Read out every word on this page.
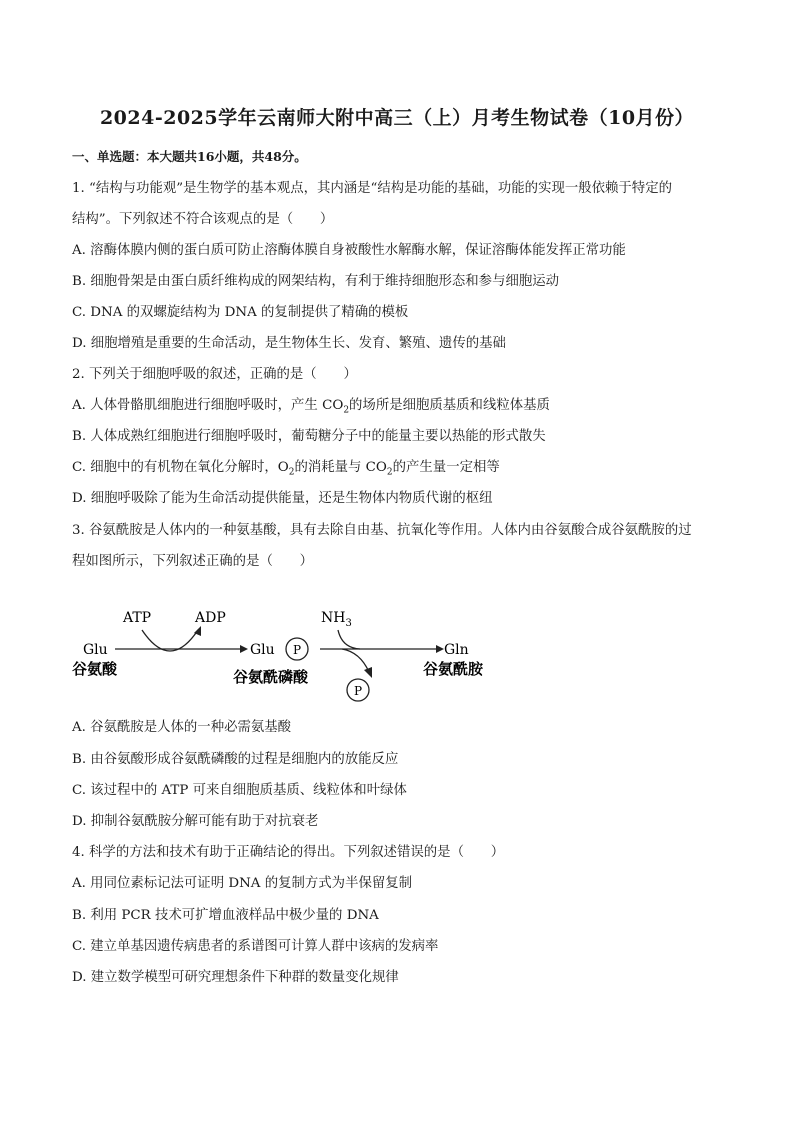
2024-2025学年云南师大附中高三（上）月考生物试卷（10月份）
一、单选题：本大题共16小题，共48分。
1. “结构与功能观”是生物学的基本观点，其内涵是“结构是功能的基础，功能的实现一般依赖于特定的
结构”。下列叙述不符合该观点的是（　　）
A. 溶酶体膜内侧的蛋白质可防止溶酶体膜自身被酸性水解酶水解，保证溶酶体能发挥正常功能
B. 细胞骨架是由蛋白质纤维构成的网架结构，有利于维持细胞形态和参与细胞运动
C. DNA 的双螺旋结构为 DNA 的复制提供了精确的模板
D. 细胞增殖是重要的生命活动，是生物体生长、发育、繁殖、遗传的基础
2. 下列关于细胞呼吸的叙述，正确的是（　　）
A. 人体骨骼肌细胞进行细胞呼吸时，产生 $CO_2$的场所是细胞质基质和线粒体基质
B. 人体成熟红细胞进行细胞呼吸时，葡萄糖分子中的能量主要以热能的形式散失
C. 细胞中的有机物在氧化分解时，$O_2$的消耗量与 $CO_2$的产生量一定相等
D. 细胞呼吸除了能为生命活动提供能量，还是生物体内物质代谢的枢纽
3. 谷氨酰胺是人体内的一种氨基酸，具有去除自由基、抗氧化等作用。人体内由谷氨酸合成谷氨酰胺的过
程如图所示，下列叙述正确的是（　　）
ATP	ADP	$NH_3$
Glu
谷氨酸
Glu P
谷氨酰磷酸
P
Gln
谷氨酰胺
A. 谷氨酰胺是人体的一种必需氨基酸
B. 由谷氨酸形成谷氨酰磷酸的过程是细胞内的放能反应
C. 该过程中的 ATP 可来自细胞质基质、线粒体和叶绿体
D. 抑制谷氨酰胺分解可能有助于对抗衰老
4. 科学的方法和技术有助于正确结论的得出。下列叙述错误的是（　　）
A. 用同位素标记法可证明 DNA 的复制方式为半保留复制
B. 利用 PCR 技术可扩增血液样品中极少量的 DNA
C. 建立单基因遗传病患者的系谱图可计算人群中该病的发病率
D. 建立数学模型可研究理想条件下种群的数量变化规律
